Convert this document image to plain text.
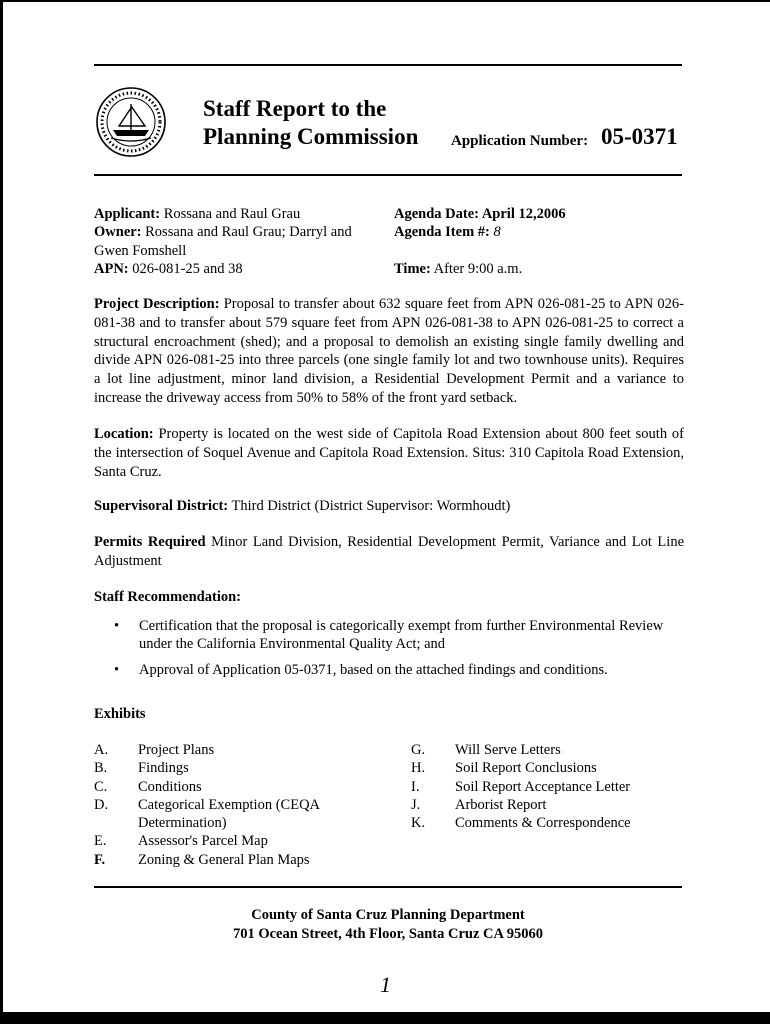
Staff Report to the
Planning Commission Application Number: 05-0371
Applicant: Rossana and Raul Grau
Owner: Rossana and Raul Grau; Darryl and
Gwen Fomshell
APN: 026-081-25 and 38
Agenda Date: April 12,2006
Agenda Item #: 8
Time: After 9:00 a.m.
Project Description: Proposal to transfer about 632 square feet from APN 026-081-25 to APN 026-081-38 and to transfer about 579 square feet from APN 026-081-38 to APN 026-081-25 to correct a structural encroachment (shed); and a proposal to demolish an existing single family dwelling and divide APN 026-081-25 into three parcels (one single family lot and two townhouse units). Requires a lot line adjustment, minor land division, a Residential Development Permit and a variance to increase the driveway access from 50% to 58% of the front yard setback.
Location: Property is located on the west side of Capitola Road Extension about 800 feet south of the intersection of Soquel Avenue and Capitola Road Extension. Situs: 310 Capitola Road Extension, Santa Cruz.
Supervisoral District: Third District (District Supervisor: Wormhoudt)
Permits Required Minor Land Division, Residential Development Permit, Variance and Lot Line Adjustment
Staff Recommendation:
• Certification that the proposal is categorically exempt from further Environmental Review under the California Environmental Quality Act; and
• Approval of Application 05-0371, based on the attached findings and conditions.
Exhibits
A.	Project Plans
B.	Findings
C.	Conditions
D.	Categorical Exemption (CEQA Determination)
E.	Assessor's Parcel Map
F.	Zoning & General Plan Maps
G.	Will Serve Letters
H.	Soil Report Conclusions
I.	Soil Report Acceptance Letter
J.	Arborist Report
K.	Comments & Correspondence
County of Santa Cruz Planning Department
701 Ocean Street, 4th Floor, Santa Cruz CA 95060
1
